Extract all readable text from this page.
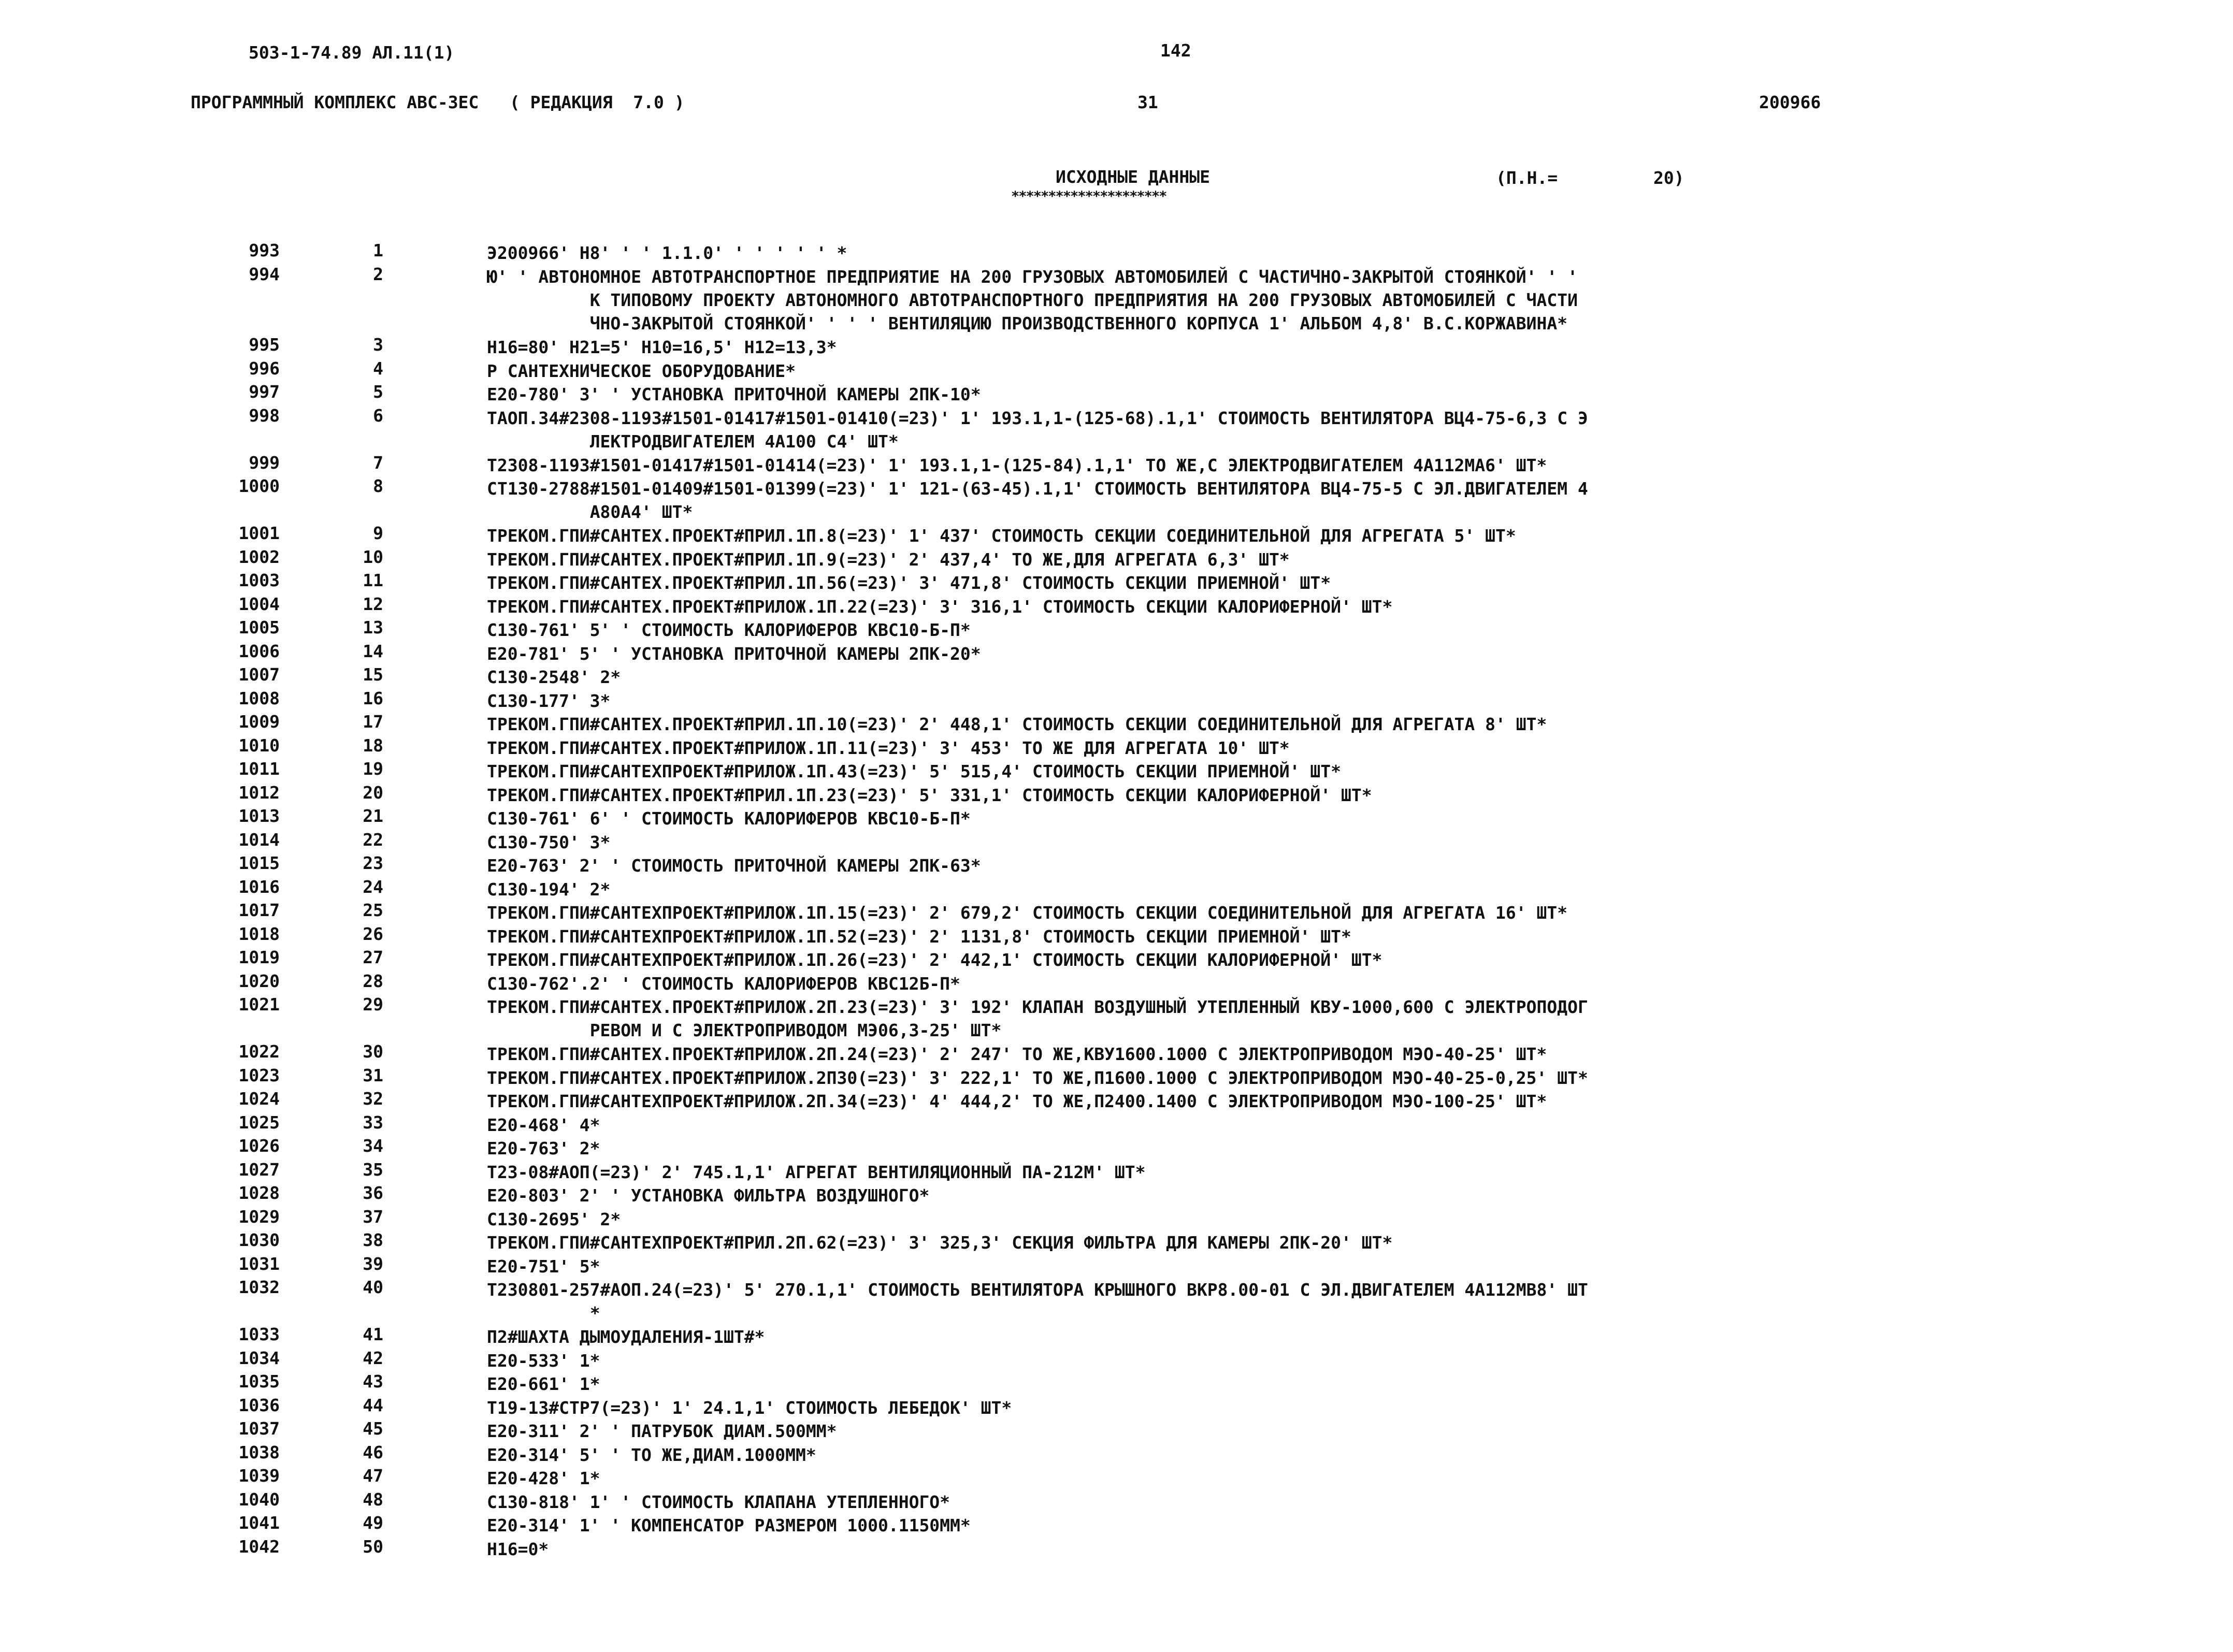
503-1-74.89 АЛ.11(1)	142
ПРОГРАММНЫЙ КОМПЛЕКС АВС-3ЕС   ( РЕДАКЦИЯ  7.0 )	31	200966
ИСХОДНЫЕ ДАННЫЕ
*********************
(П.Н.=	20)
993	1	Э200966' Н8' ' ' 1.1.0' ' ' ' ' ' *
994	2	Ю' ' АВТОНОМНОЕ АВТОТРАНСПОРТНОЕ ПРЕДПРИЯТИЕ НА 200 ГРУЗОВЫХ АВТОМОБИЛЕЙ С ЧАСТИЧНО-ЗАКРЫТОЙ СТОЯНКОЙ' ' '
К ТИПОВОМУ ПРОЕКТУ АВТОНОМНОГО АВТОТРАНСПОРТНОГО ПРЕДПРИЯТИЯ НА 200 ГРУЗОВЫХ АВТОМОБИЛЕЙ С ЧАСТИ
ЧНО-ЗАКРЫТОЙ СТОЯНКОЙ' ' ' ' ВЕНТИЛЯЦИЮ ПРОИЗВОДСТВЕННОГО КОРПУСА 1' АЛЬБОМ 4,8' В.С.КОРЖАВИНА*
995	3	Н16=80' Н21=5' Н10=16,5' Н12=13,3*
996	4	Р САНТЕХНИЧЕСКОЕ ОБОРУДОВАНИЕ*
997	5	Е20-780' 3' ' УСТАНОВКА ПРИТОЧНОЙ КАМЕРЫ 2ПК-10*
998	6	ТАОП.34#2308-1193#1501-01417#1501-01410(=23)' 1' 193.1,1-(125-68).1,1' СТОИМОСТЬ ВЕНТИЛЯТОРА ВЦ4-75-6,3 С Э
ЛЕКТРОДВИГАТЕЛЕМ 4А100 С4' ШТ*
999	7	Т2308-1193#1501-01417#1501-01414(=23)' 1' 193.1,1-(125-84).1,1' ТО ЖЕ,С ЭЛЕКТРОДВИГАТЕЛЕМ 4А112МА6' ШТ*
1000	8	СТ130-2788#1501-01409#1501-01399(=23)' 1' 121-(63-45).1,1' СТОИМОСТЬ ВЕНТИЛЯТОРА ВЦ4-75-5 С ЭЛ.ДВИГАТЕЛЕМ 4
А80А4' ШТ*
1001	9	ТРЕКОМ.ГПИ#САНТЕХ.ПРОЕКТ#ПРИЛ.1П.8(=23)' 1' 437' СТОИМОСТЬ СЕКЦИИ СОЕДИНИТЕЛЬНОЙ ДЛЯ АГРЕГАТА 5' ШТ*
1002	10	ТРЕКОМ.ГПИ#САНТЕХ.ПРОЕКТ#ПРИЛ.1П.9(=23)' 2' 437,4' ТО ЖЕ,ДЛЯ АГРЕГАТА 6,3' ШТ*
1003	11	ТРЕКОМ.ГПИ#САНТЕХ.ПРОЕКТ#ПРИЛ.1П.56(=23)' 3' 471,8' СТОИМОСТЬ СЕКЦИИ ПРИЕМНОЙ' ШТ*
1004	12	ТРЕКОМ.ГПИ#САНТЕХ.ПРОЕКТ#ПРИЛОЖ.1П.22(=23)' 3' 316,1' СТОИМОСТЬ СЕКЦИИ КАЛОРИФЕРНОЙ' ШТ*
1005	13	С130-761' 5' ' СТОИМОСТЬ КАЛОРИФЕРОВ КВС10-Б-П*
1006	14	Е20-781' 5' ' УСТАНОВКА ПРИТОЧНОЙ КАМЕРЫ 2ПК-20*
1007	15	С130-2548' 2*
1008	16	С130-177' 3*
1009	17	ТРЕКОМ.ГПИ#САНТЕХ.ПРОЕКТ#ПРИЛ.1П.10(=23)' 2' 448,1' СТОИМОСТЬ СЕКЦИИ СОЕДИНИТЕЛЬНОЙ ДЛЯ АГРЕГАТА 8' ШТ*
1010	18	ТРЕКОМ.ГПИ#САНТЕХ.ПРОЕКТ#ПРИЛОЖ.1П.11(=23)' 3' 453' ТО ЖЕ ДЛЯ АГРЕГАТА 10' ШТ*
1011	19	ТРЕКОМ.ГПИ#САНТЕХПРОЕКТ#ПРИЛОЖ.1П.43(=23)' 5' 515,4' СТОИМОСТЬ СЕКЦИИ ПРИЕМНОЙ' ШТ*
1012	20	ТРЕКОМ.ГПИ#САНТЕХ.ПРОЕКТ#ПРИЛ.1П.23(=23)' 5' 331,1' СТОИМОСТЬ СЕКЦИИ КАЛОРИФЕРНОЙ' ШТ*
1013	21	С130-761' 6' ' СТОИМОСТЬ КАЛОРИФЕРОВ КВС10-Б-П*
1014	22	С130-750' 3*
1015	23	Е20-763' 2' ' СТОИМОСТЬ ПРИТОЧНОЙ КАМЕРЫ 2ПК-63*
1016	24	С130-194' 2*
1017	25	ТРЕКОМ.ГПИ#САНТЕХПРОЕКТ#ПРИЛОЖ.1П.15(=23)' 2' 679,2' СТОИМОСТЬ СЕКЦИИ СОЕДИНИТЕЛЬНОЙ ДЛЯ АГРЕГАТА 16' ШТ*
1018	26	ТРЕКОМ.ГПИ#САНТЕХПРОЕКТ#ПРИЛОЖ.1П.52(=23)' 2' 1131,8' СТОИМОСТЬ СЕКЦИИ ПРИЕМНОЙ' ШТ*
1019	27	ТРЕКОМ.ГПИ#САНТЕХПРОЕКТ#ПРИЛОЖ.1П.26(=23)' 2' 442,1' СТОИМОСТЬ СЕКЦИИ КАЛОРИФЕРНОЙ' ШТ*
1020	28	С130-762'.2' ' СТОИМОСТЬ КАЛОРИФЕРОВ КВС12Б-П*
1021	29	ТРЕКОМ.ГПИ#САНТЕХ.ПРОЕКТ#ПРИЛОЖ.2П.23(=23)' 3' 192' КЛАПАН ВОЗДУШНЫЙ УТЕПЛЕННЫЙ КВУ-1000,600 С ЭЛЕКТРОПОДОГ
РЕВОМ И С ЭЛЕКТРОПРИВОДОМ МЭ06,3-25' ШТ*
1022	30	ТРЕКОМ.ГПИ#САНТЕХ.ПРОЕКТ#ПРИЛОЖ.2П.24(=23)' 2' 247' ТО ЖЕ,КВУ1600.1000 С ЭЛЕКТРОПРИВОДОМ МЭО-40-25' ШТ*
1023	31	ТРЕКОМ.ГПИ#САНТЕХ.ПРОЕКТ#ПРИЛОЖ.2П30(=23)' 3' 222,1' ТО ЖЕ,П1600.1000 С ЭЛЕКТРОПРИВОДОМ МЭО-40-25-0,25' ШТ*
1024	32	ТРЕКОМ.ГПИ#САНТЕХПРОЕКТ#ПРИЛОЖ.2П.34(=23)' 4' 444,2' ТО ЖЕ,П2400.1400 С ЭЛЕКТРОПРИВОДОМ МЭО-100-25' ШТ*
1025	33	Е20-468' 4*
1026	34	Е20-763' 2*
1027	35	Т23-08#АОП(=23)' 2' 745.1,1' АГРЕГАТ ВЕНТИЛЯЦИОННЫЙ ПА-212М' ШТ*
1028	36	Е20-803' 2' ' УСТАНОВКА ФИЛЬТРА ВОЗДУШНОГО*
1029	37	С130-2695' 2*
1030	38	ТРЕКОМ.ГПИ#САНТЕХПРОЕКТ#ПРИЛ.2П.62(=23)' 3' 325,3' СЕКЦИЯ ФИЛЬТРА ДЛЯ КАМЕРЫ 2ПК-20' ШТ*
1031	39	Е20-751' 5*
1032	40	Т230801-257#АОП.24(=23)' 5' 270.1,1' СТОИМОСТЬ ВЕНТИЛЯТОРА КРЫШНОГО ВКР8.00-01 С ЭЛ.ДВИГАТЕЛЕМ 4А112МВ8' ШТ
*
1033	41	П2#ШАХТА ДЫМОУДАЛЕНИЯ-1ШТ#*
1034	42	Е20-533' 1*
1035	43	Е20-661' 1*
1036	44	Т19-13#СТР7(=23)' 1' 24.1,1' СТОИМОСТЬ ЛЕБЕДОК' ШТ*
1037	45	Е20-311' 2' ' ПАТРУБОК ДИАМ.500ММ*
1038	46	Е20-314' 5' ' ТО ЖЕ,ДИАМ.1000ММ*
1039	47	Е20-428' 1*
1040	48	С130-818' 1' ' СТОИМОСТЬ КЛАПАНА УТЕПЛЕННОГО*
1041	49	Е20-314' 1' ' КОМПЕНСАТОР РАЗМЕРОМ 1000.1150ММ*
1042	50	Н16=0*
